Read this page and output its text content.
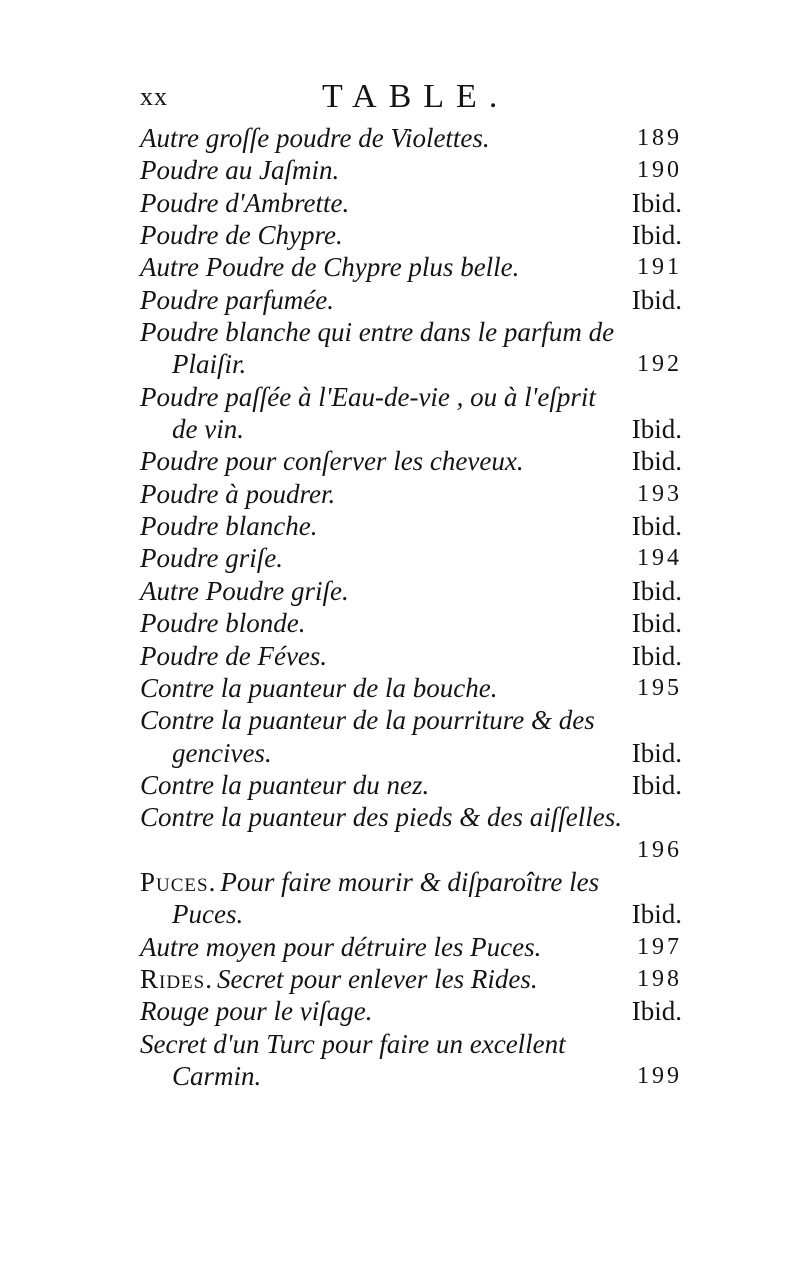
xx	TABLE.
Autre groſſe poudre de Violettes.	189
Poudre au Jaſmin.	190
Poudre d'Ambrette.	Ibid.
Poudre de Chypre.	Ibid.
Autre Poudre de Chypre plus belle.	191
Poudre parfumée.	Ibid.
Poudre blanche qui entre dans le parfum de
Plaiſir.	192
Poudre paſſée à l'Eau-de-vie , ou à l'eſprit
de vin.	Ibid.
Poudre pour conſerver les cheveux.	Ibid.
Poudre à poudrer.	193
Poudre blanche.	Ibid.
Poudre griſe.	194
Autre Poudre griſe.	Ibid.
Poudre blonde.	Ibid.
Poudre de Féves.	Ibid.
Contre la puanteur de la bouche.	195
Contre la puanteur de la pourriture & des
gencives.	Ibid.
Contre la puanteur du nez.	Ibid.
Contre la puanteur des pieds & des aiſſelles.
196
Puces. Pour faire mourir & diſparoître les
Puces.	Ibid.
Autre moyen pour détruire les Puces.	197
Rides. Secret pour enlever les Rides.	198
Rouge pour le viſage.	Ibid.
Secret d'un Turc pour faire un excellent
Carmin.	199
